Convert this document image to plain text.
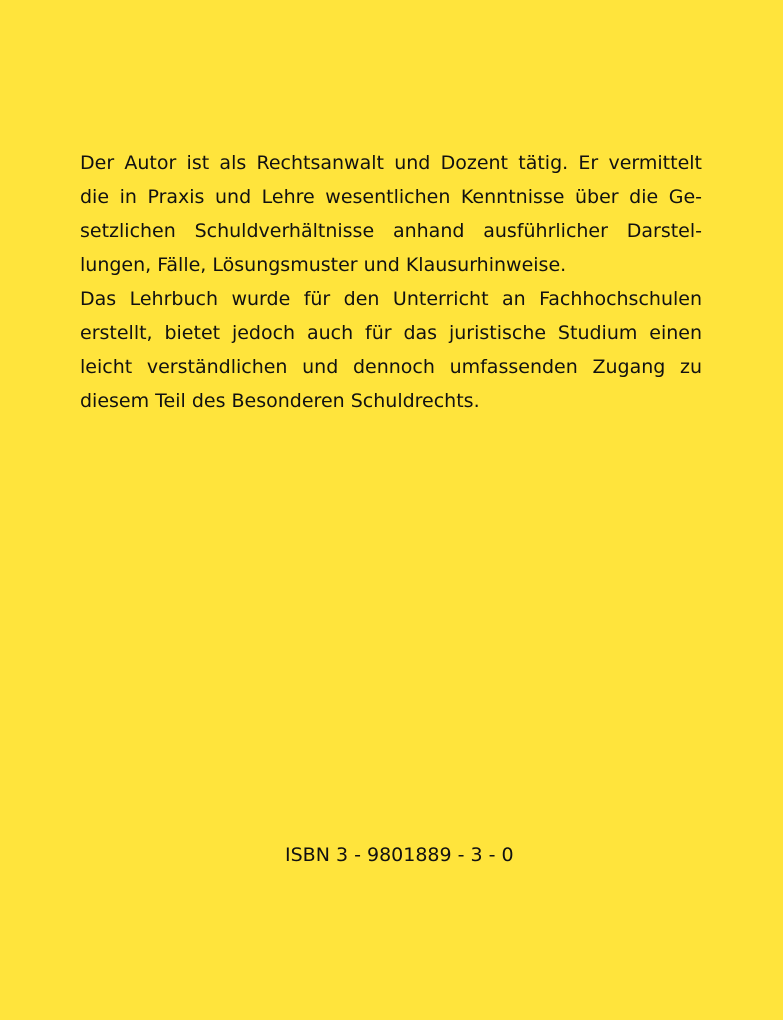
Der Autor ist als Rechtsanwalt und Dozent tätig. Er vermittelt
die in Praxis und Lehre wesentlichen Kenntnisse über die Ge-
setzlichen Schuldverhältnisse anhand ausführlicher Darstel-
lungen, Fälle, Lösungsmuster und Klausurhinweise.
Das Lehrbuch wurde für den Unterricht an Fachhochschulen
erstellt, bietet jedoch auch für das juristische Studium einen
leicht verständlichen und dennoch umfassenden Zugang zu
diesem Teil des Besonderen Schuldrechts.
ISBN 3 - 9801889 - 3 - 0
